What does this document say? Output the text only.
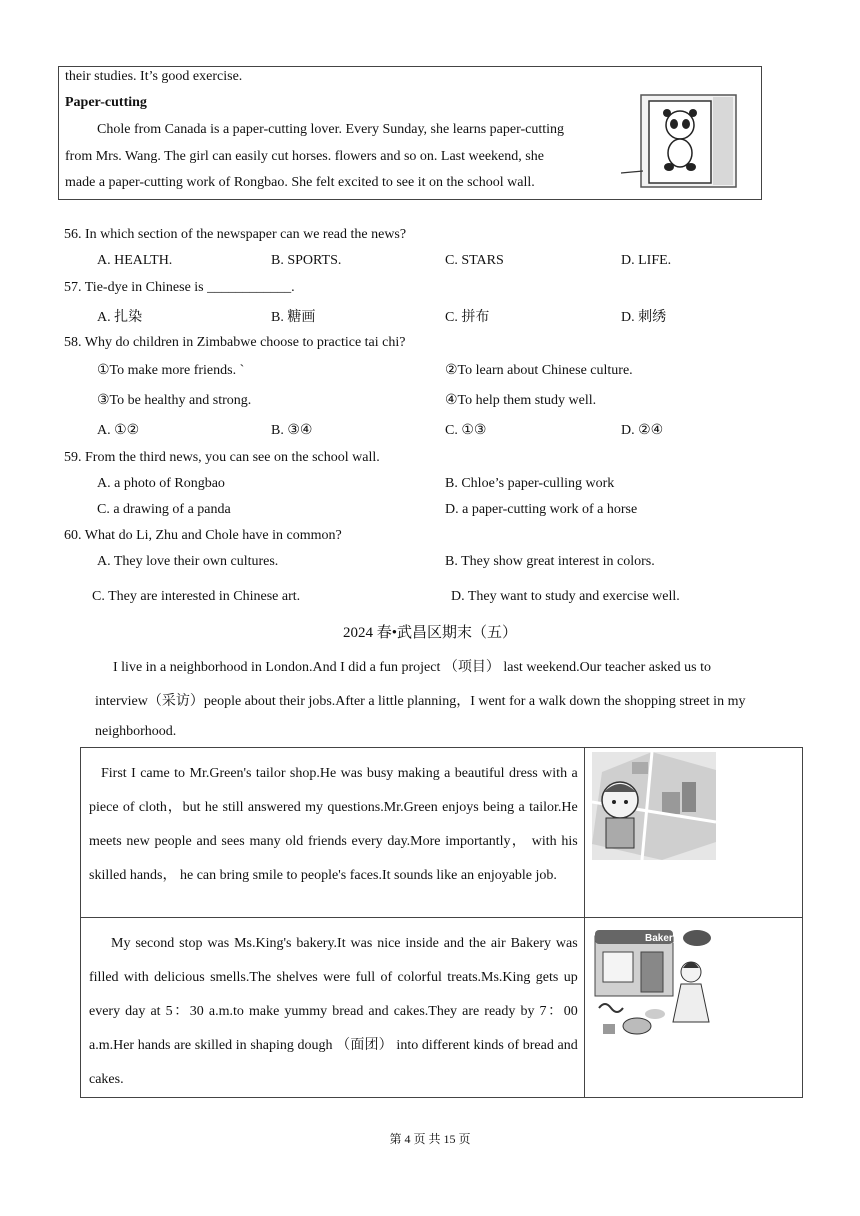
their studies. It’s good exercise.
Paper-cutting
Chole from Canada is a paper-cutting lover. Every Sunday, she learns paper-cutting
from Mrs. Wang. The girl can easily cut horses. flowers and so on. Last weekend, she
made a paper-cutting work of Rongbao. She felt excited to see it on the school wall.
56. In which section of the newspaper can we read the news?
A. HEALTH.	B. SPORTS.	C. STARS	D. LIFE.
57. Tie-dye in Chinese is ____________.
A. 扎染	B. 糖画	C. 拼布	D. 刺绣
58. Why do children in Zimbabwe choose to practice tai chi?
①To make more friends. `	②To learn about Chinese culture.
③To be healthy and strong.	④To help them study well.
A. ①②	B. ③④	C. ①③	D. ②④
59. From the third news, you can see on the school wall.
A. a photo of Rongbao	B. Chloe’s paper-culling work
C. a drawing of a panda	D. a paper-cutting work of a horse
60. What do Li, Zhu and Chole have in common?
A. They love their own cultures.	B. They show great interest in colors.
C. They are interested in Chinese art.	D. They want to study and exercise well.
2024 春•武昌区期末（五）
I live in a neighborhood in London.And I did a fun project （项目） last weekend.Our teacher asked us to
interview（采访）people about their jobs.After a little planning，I went for a walk down the shopping street in my
neighborhood.
First I came to Mr.Green's tailor shop.He was busy making a beautiful dress with a piece of cloth，but he still answered my questions.Mr.Green enjoys being a tailor.He meets new people and sees many old friends every day.More importantly， with his skilled hands， he can bring smile to people's faces.It sounds like an enjoyable job.

My second stop was Ms.King's bakery.It was nice inside and the air Bakery was filled with delicious smells.The shelves were full of colorful treats.Ms.King gets up every day at 5：30 a.m.to make yummy bread and cakes.They are ready by 7：00 a.m.Her hands are skilled in shaping dough （面团） into different kinds of bread and cakes.	Bakery
第 4 页 共 15 页
